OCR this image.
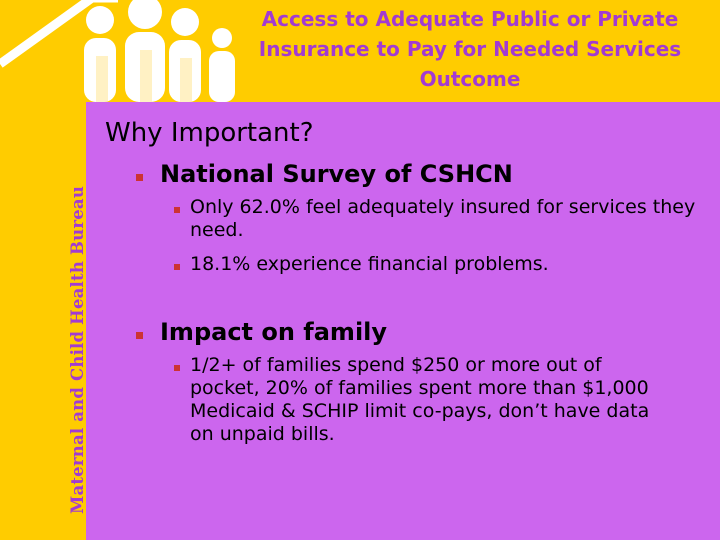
Maternal and Child Health Bureau
Access to Adequate Public or Private
Insurance to Pay for Needed Services
Outcome
Why Important?
National Survey of CSHCN
Only 62.0% feel adequately insured for services they need.
18.1% experience financial problems.
Impact on family
1/2+ of families spend $250 or more out of pocket, 20% of families spent more than $1,000 Medicaid & SCHIP limit co-pays, don’t have data on unpaid bills.
